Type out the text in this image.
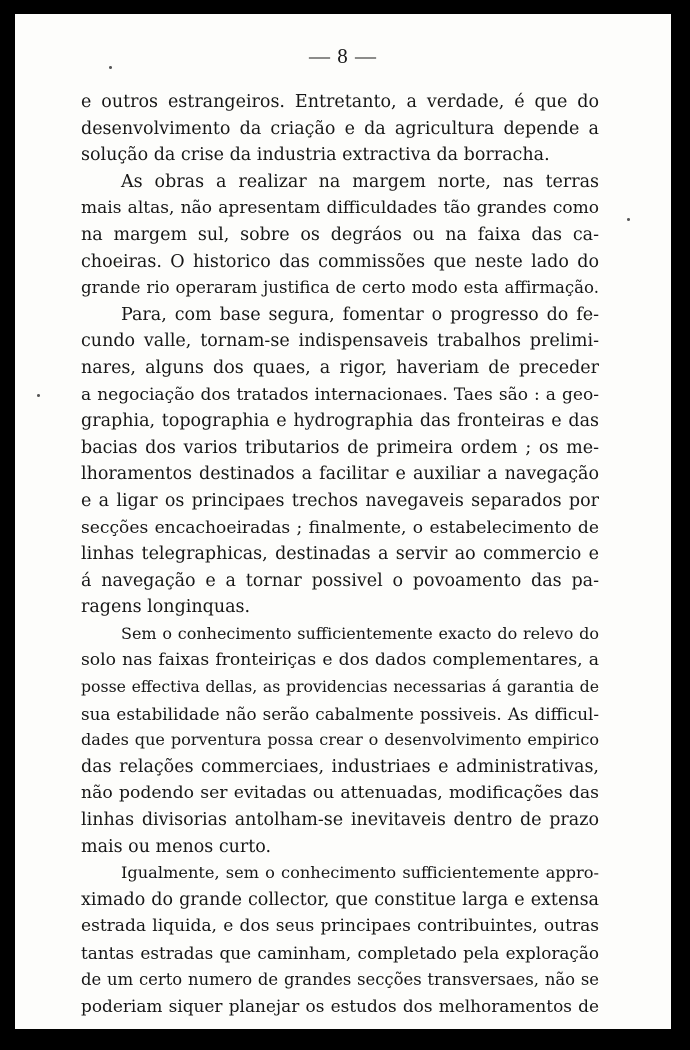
— 8 —

e outros estrangeiros. Entretanto, a verdade, é que do
desenvolvimento da criação e da agricultura depende a
solução da crise da industria extractiva da borracha.

As obras a realizar na margem norte, nas terras
mais altas, não apresentam difficuldades tão grandes como
na margem sul, sobre os degráos ou na faixa das ca-
choeiras. O historico das commissões que neste lado do
grande rio operaram justifica de certo modo esta affirmação.

Para, com base segura, fomentar o progresso do fe-
cundo valle, tornam-se indispensaveis trabalhos prelimi-
nares, alguns dos quaes, a rigor, haveriam de preceder
a negociação dos tratados internacionaes. Taes são : a geo-
graphia, topographia e hydrographia das fronteiras e das
bacias dos varios tributarios de primeira ordem ; os me-
lhoramentos destinados a facilitar e auxiliar a navegação
e a ligar os principaes trechos navegaveis separados por
secções encachoeiradas ; finalmente, o estabelecimento de
linhas telegraphicas, destinadas a servir ao commercio e
á navegação e a tornar possivel o povoamento das pa-
ragens longinquas.

Sem o conhecimento sufficientemente exacto do relevo do
solo nas faixas fronteiriças e dos dados complementares, a
posse effectiva dellas, as providencias necessarias á garantia de
sua estabilidade não serão cabalmente possiveis. As difficul-
dades que porventura possa crear o desenvolvimento empirico
das relações commerciaes, industriaes e administrativas,
não podendo ser evitadas ou attenuadas, modificações das
linhas divisorias antolham-se inevitaveis dentro de prazo
mais ou menos curto.

Igualmente, sem o conhecimento sufficientemente appro-
ximado do grande collector, que constitue larga e extensa
estrada liquida, e dos seus principaes contribuintes, outras
tantas estradas que caminham, completado pela exploração
de um certo numero de grandes secções transversaes, não se
poderiam siquer planejar os estudos dos melhoramentos de
